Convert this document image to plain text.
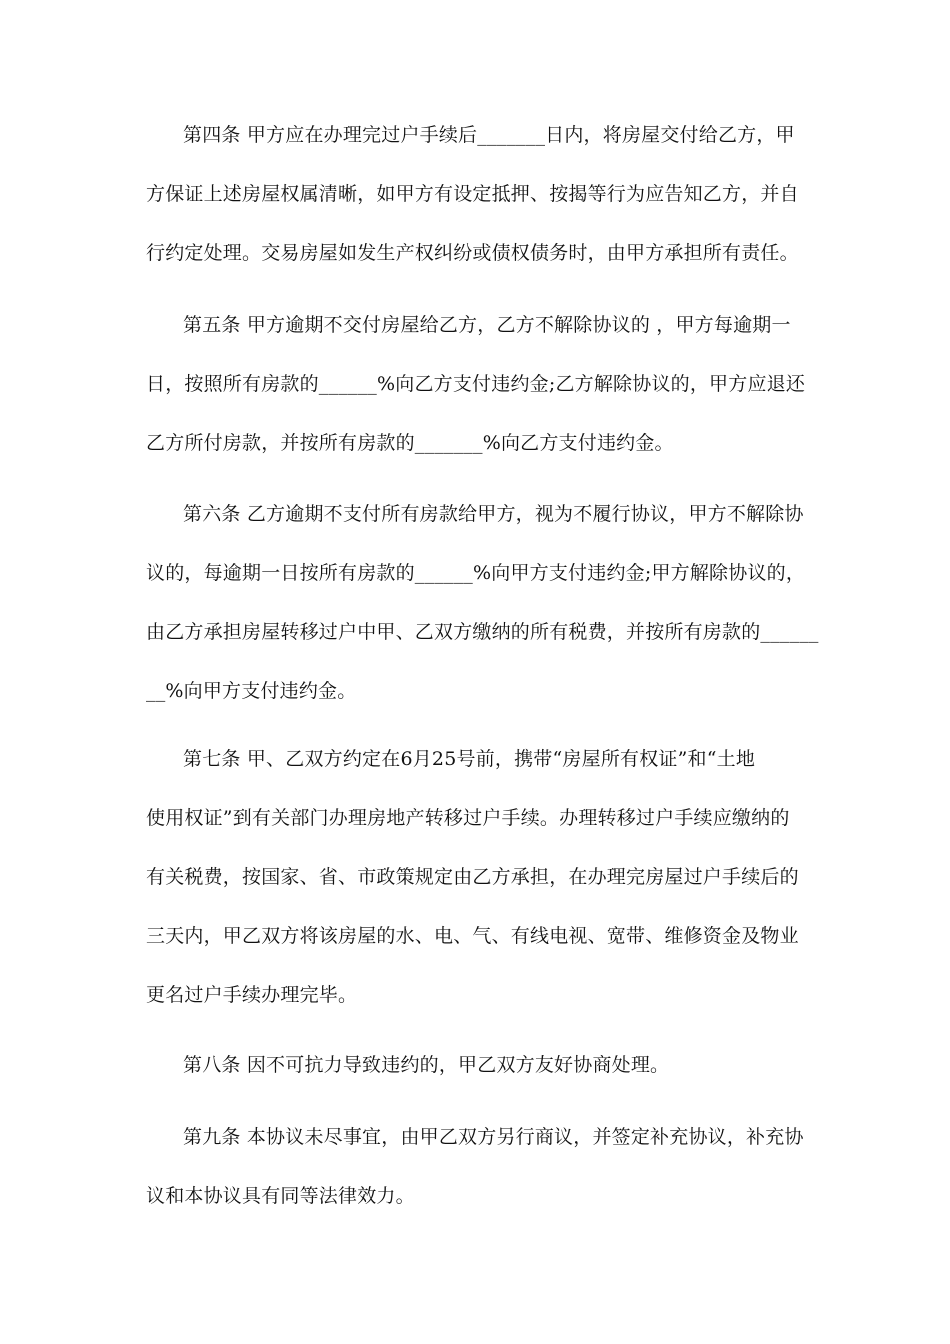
第四条 甲方应在办理完过户手续后_______日内，将房屋交付给乙方，甲
方保证上述房屋权属清晰，如甲方有设定抵押、按揭等行为应告知乙方，并自
行约定处理。交易房屋如发生产权纠纷或债权债务时，由甲方承担所有责任。
第五条 甲方逾期不交付房屋给乙方，乙方不解除协议的 ，甲方每逾期一
日，按照所有房款的______%向乙方支付违约金;乙方解除协议的，甲方应退还
乙方所付房款，并按所有房款的_______%向乙方支付违约金。
第六条 乙方逾期不支付所有房款给甲方，视为不履行协议，甲方不解除协
议的，每逾期一日按所有房款的______%向甲方支付违约金;甲方解除协议的，
由乙方承担房屋转移过户中甲、乙双方缴纳的所有税费，并按所有房款的______
__%向甲方支付违约金。
第七条 甲、乙双方约定在6月25号前，携带“房屋所有权证”和“土地
使用权证”到有关部门办理房地产转移过户手续。办理转移过户手续应缴纳的
有关税费，按国家、省、市政策规定由乙方承担，在办理完房屋过户手续后的
三天内，甲乙双方将该房屋的水、电、气、有线电视、宽带、维修资金及物业
更名过户手续办理完毕。
第八条 因不可抗力导致违约的，甲乙双方友好协商处理。
第九条 本协议未尽事宜，由甲乙双方另行商议，并签定补充协议，补充协
议和本协议具有同等法律效力。
